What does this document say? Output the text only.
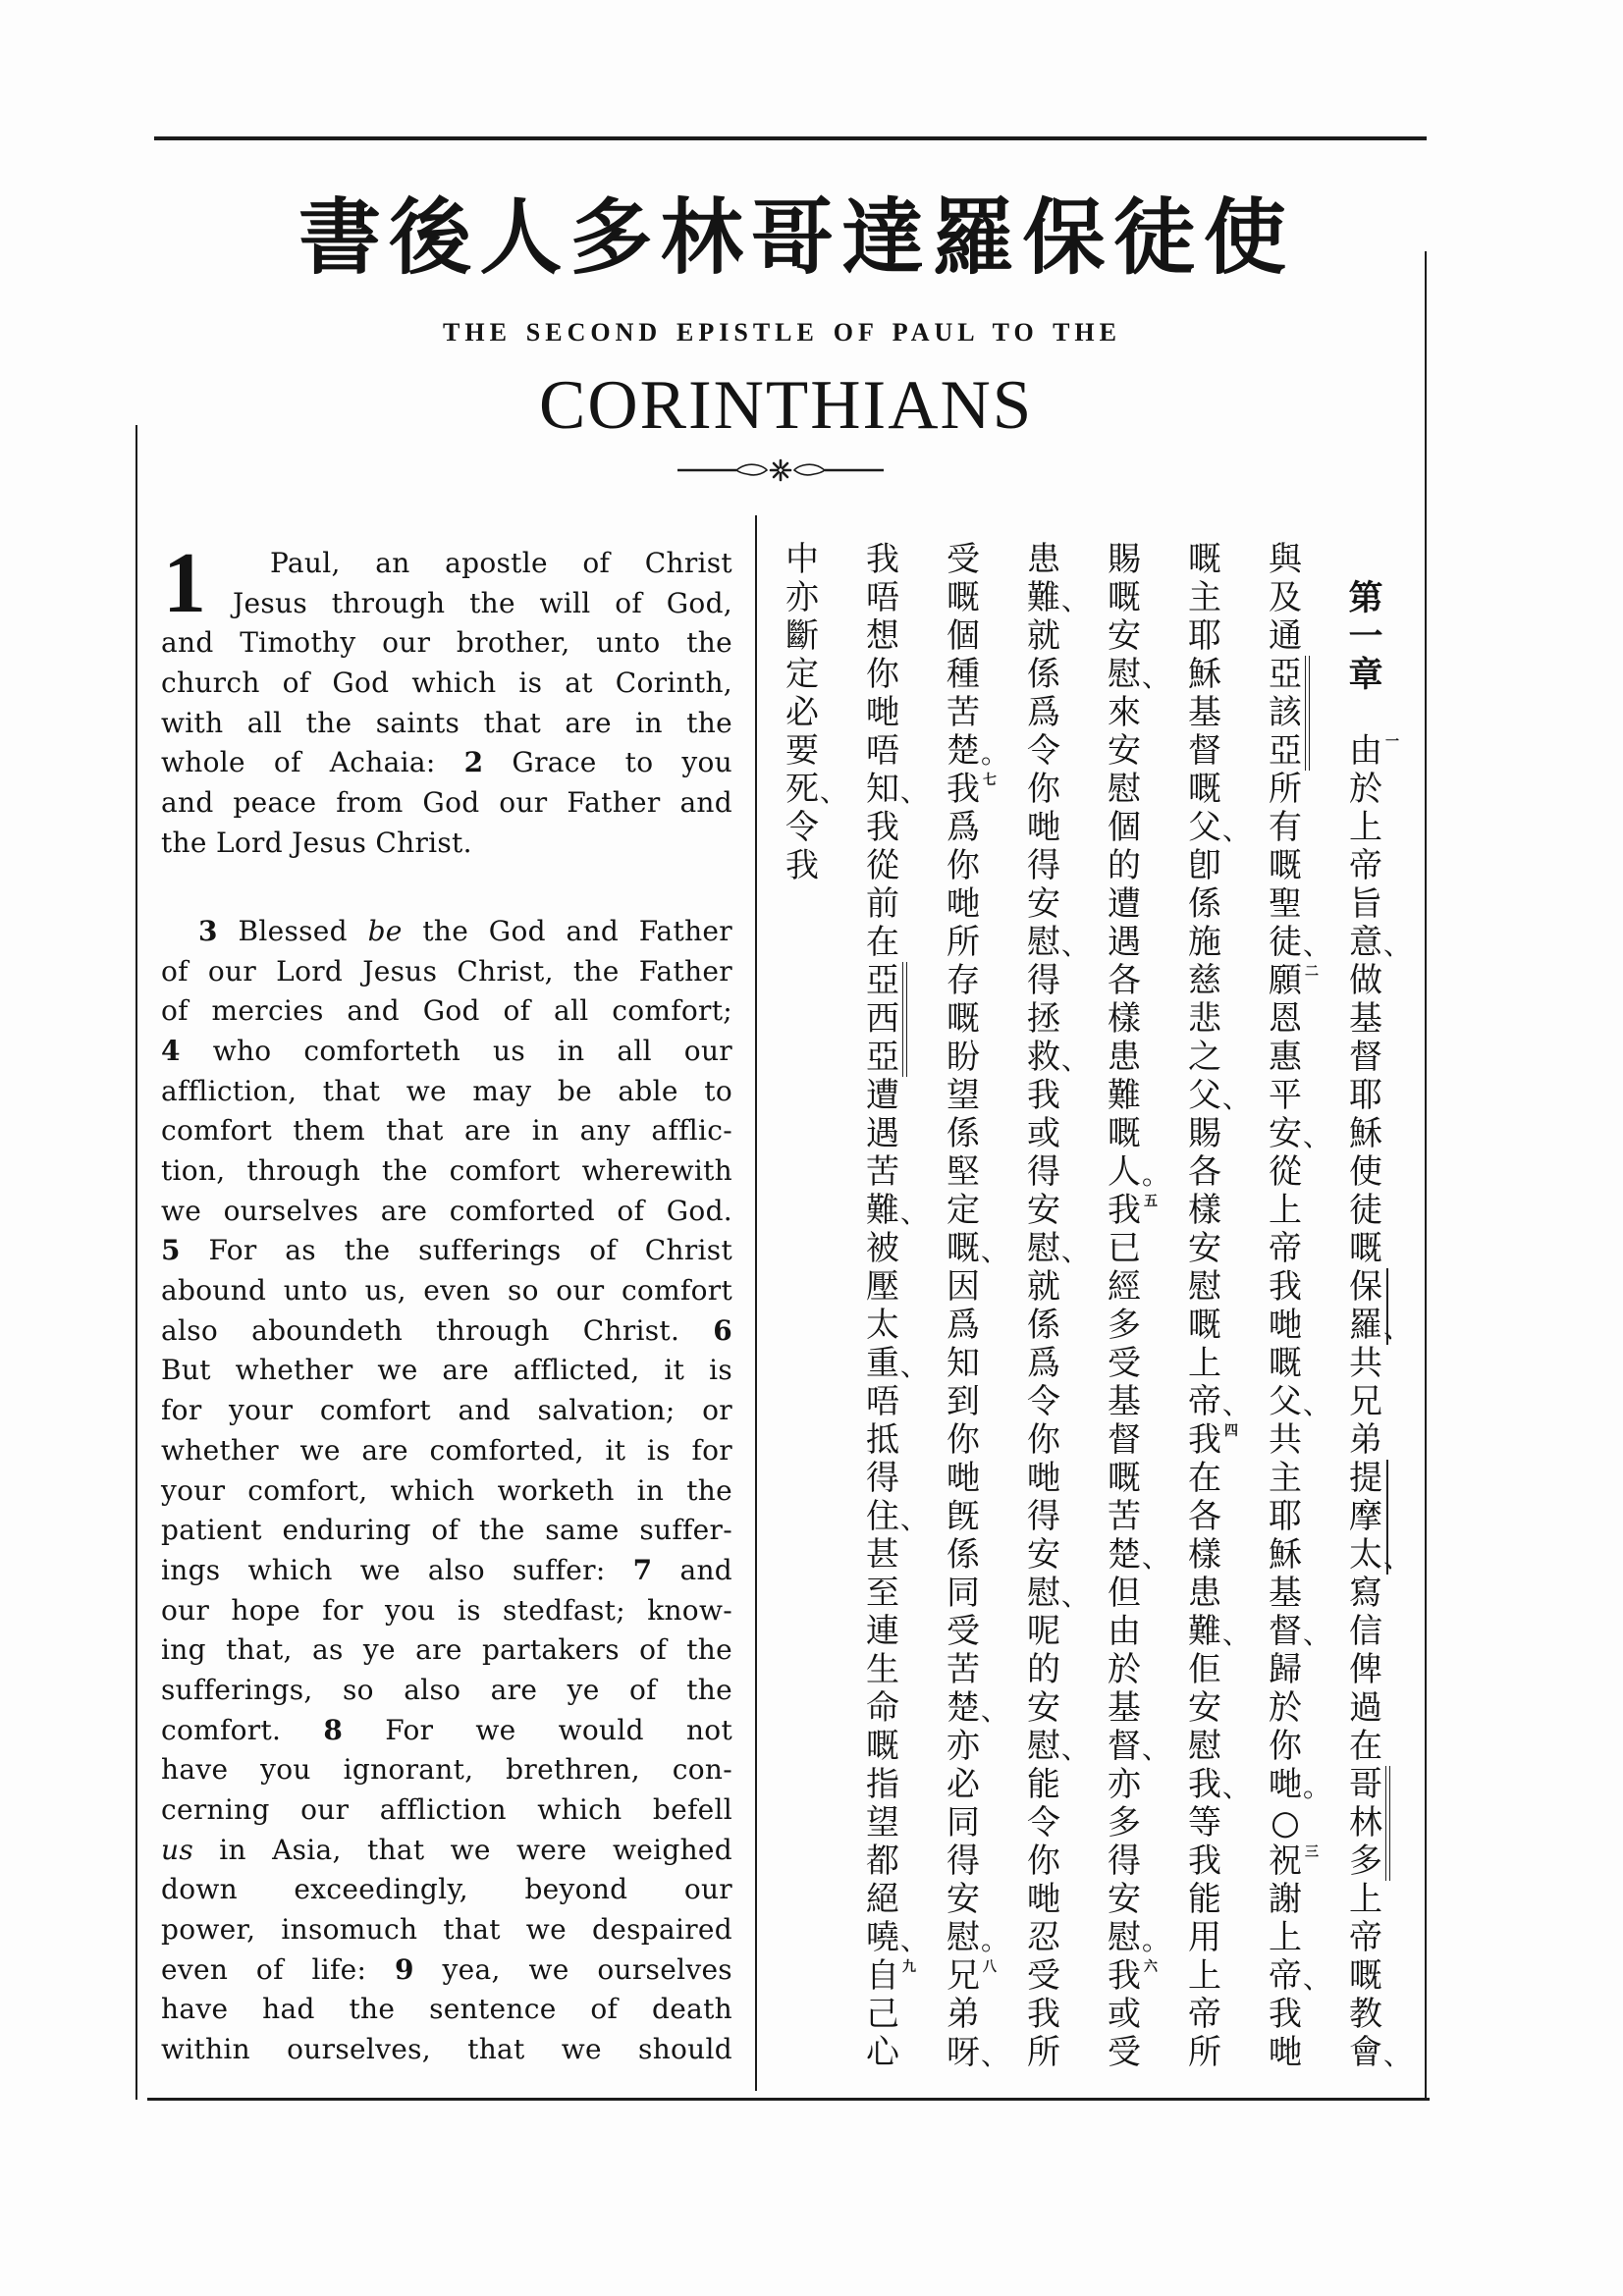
使
徒
保
羅
達
哥
林
多
人
後
書
THE SECOND EPISTLE OF PAUL TO THE
CORINTHIANS
1	Paul, an apostle of Christ
Jesus through the will of God,
and Timothy our brother, unto the
church of God which is at Corinth,
with all the saints that are in the
whole of Achaia: 2 Grace to you
and peace from God our Father and
the Lord Jesus Christ.
3 Blessed be the God and Father
of our Lord Jesus Christ, the Father
of mercies and God of all comfort;
4 who comforteth us in all our
affliction, that we may be able to
comfort them that are in any afflic-
tion, through the comfort wherewith
we ourselves are comforted of God.
5 For as the sufferings of Christ
abound unto us, even so our comfort
also aboundeth through Christ. 6
But whether we are afflicted, it is
for your comfort and salvation; or
whether we are comforted, it is for
your comfort, which worketh in the
patient enduring of the same suffer-
ings which we also suffer: 7 and
our hope for you is stedfast; know-
ing that, as ye are partakers of the
sufferings, so also are ye of the
comfort. 8 For we would not
have you ignorant, brethren, con-
cerning our affliction which befell
us in Asia, that we were weighed
down exceedingly, beyond our
power, insomuch that we despaired
even of life: 9 yea, we ourselves
have had the sentence of death
within ourselves, that we should
第
一
章
由 一
於
上
帝
旨
意 、
做
基
督
耶
穌
使
徒
嘅
保
羅 、
共
兄
弟
提
摩
太 、
寫
信
俾
過
在
哥
林
多
上
帝
嘅
教
會 、
與
及
通
亞
該
亞
所
有
嘅
聖
徒 、
願 二
恩
惠
平
安 、
從
上
帝
我
哋
嘅
父 、
共
主
耶
穌
基
督 、
歸
於
你
哋 。
○
祝 三
謝
上
帝 、
我
哋
嘅
主
耶
穌
基
督
嘅
父 、
卽
係
施
慈
悲
之
父 、
賜
各
樣
安
慰
嘅
上
帝 、
我 四
在
各
樣
患
難 、
佢
安
慰
我 、
等
我
能
用
上
帝
所
賜
嘅
安
慰 、
來
安
慰
個
的
遭
遇
各
樣
患
難
嘅
人 。
我 五
已
經
多
受
基
督
嘅
苦
楚 、
但
由
於
基
督 、
亦
多
得
安
慰 。
我 六
或
受
患
難 、
就
係
爲
令
你
哋
得
安
慰 、
得
拯
救 、
我
或
得
安
慰 、
就
係
爲
令
你
哋
得
安
慰 、
呢
的
安
慰 、
能
令
你
哋
忍
受
我
所
受
嘅
個
種
苦
楚 。
我 七
爲
你
哋
所
存
嘅
盼
望
係
堅
定
嘅 、
因
爲
知
到
你
哋
旣
係
同
受
苦
楚 、
亦
必
同
得
安
慰 。
兄 八
弟
呀 、
我
唔
想
你
哋
唔
知 、
我
從
前
在
亞
西
亞
遭
遇
苦
難 、
被
壓
太
重 、
唔
抵
得
住 、
甚
至
連
生
命
嘅
指
望
都
絕
嘵 、
自 九
己
心
中
亦
斷
定
必
要
死 、
令
我
